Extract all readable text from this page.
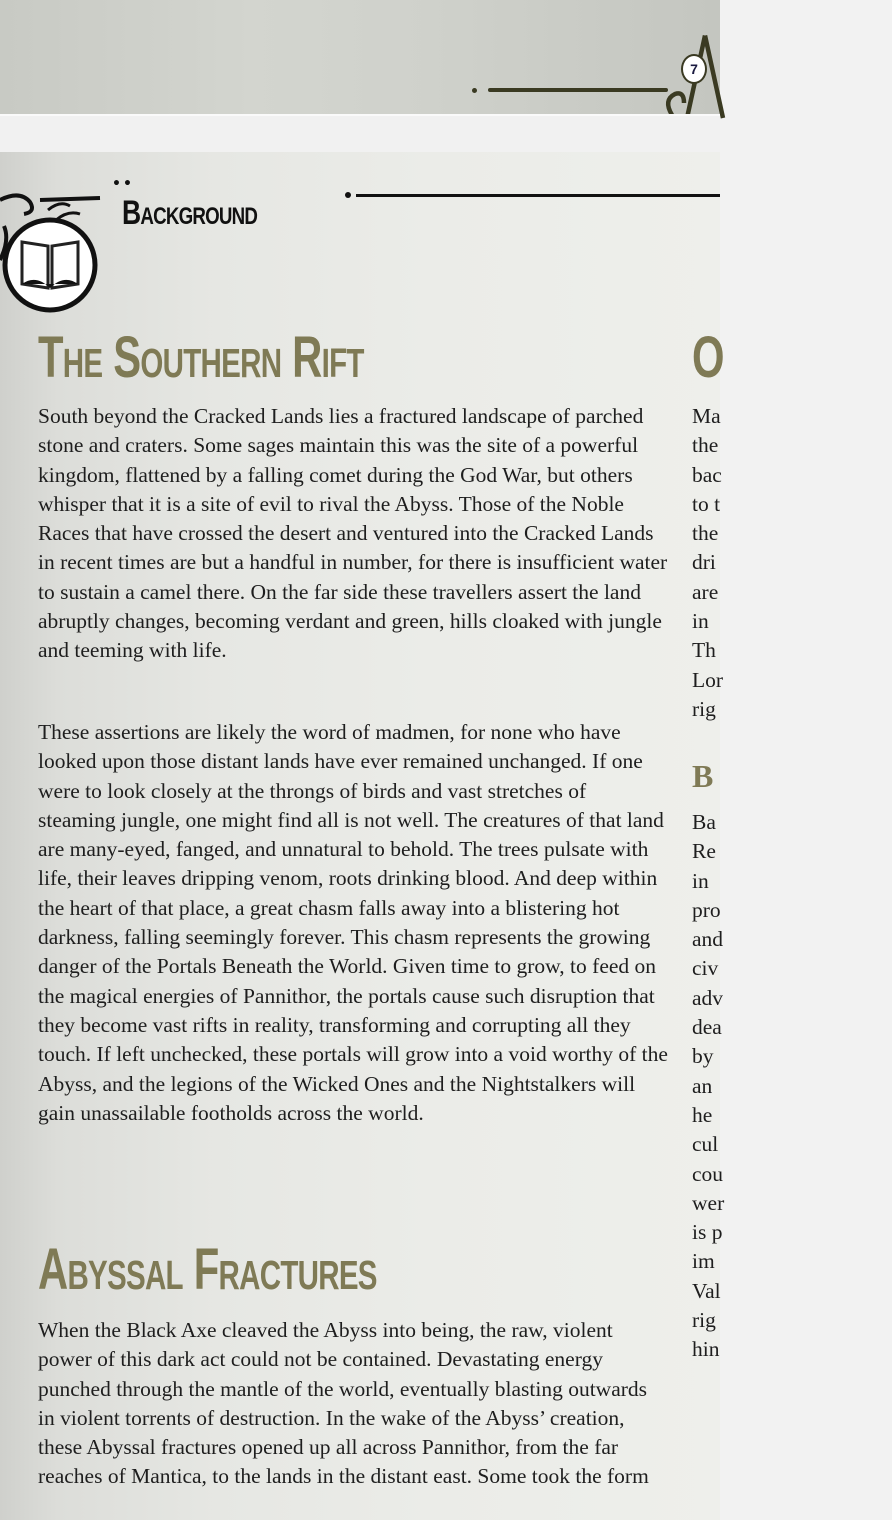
7
••
Background
The Southern Rift

South beyond the Cracked Lands lies a fractured landscape of parched stone and craters. Some sages maintain this was the site of a powerful kingdom, flattened by a falling comet during the God War, but others whisper that it is a site of evil to rival the Abyss. Those of the Noble Races that have crossed the desert and ventured into the Cracked Lands in recent times are but a handful in number, for there is insufficient water to sustain a camel there. On the far side these travellers assert the land abruptly changes, becoming verdant and green, hills cloaked with jungle and teeming with life.

These assertions are likely the word of madmen, for none who have looked upon those distant lands have ever remained unchanged. If one were to look closely at the throngs of birds and vast stretches of steaming jungle, one might find all is not well. The creatures of that land are many-eyed, fanged, and unnatural to behold. The trees pulsate with life, their leaves dripping venom, roots drinking blood. And deep within the heart of that place, a great chasm falls away into a blistering hot darkness, falling seemingly forever. This chasm represents the growing danger of the Portals Beneath the World. Given time to grow, to feed on the magical energies of Pannithor, the portals cause such disruption that they become vast rifts in reality, transforming and corrupting all they touch. If left unchecked, these portals will grow into a void worthy of the Abyss, and the legions of the Wicked Ones and the Nightstalkers will gain unassailable footholds across the world.

Abyssal Fractures

When the Black Axe cleaved the Abyss into being, the raw, violent power of this dark act could not be contained. Devastating energy punched through the mantle of the world, eventually blasting outwards in violent torrents of destruction. In the wake of the Abyss’ creation, these Abyssal fractures opened up all across Pannithor, from the far reaches of Mantica, to the lands in the distant east. Some took the form

O
Ma
the
bac
to t
the
dri
are
in
Th
Lor
rig
B
Ba
Re
in
pro
and
civ
adv
dea
by
an
he
cul
cou
wer
is p
im
Val
rig
hin
